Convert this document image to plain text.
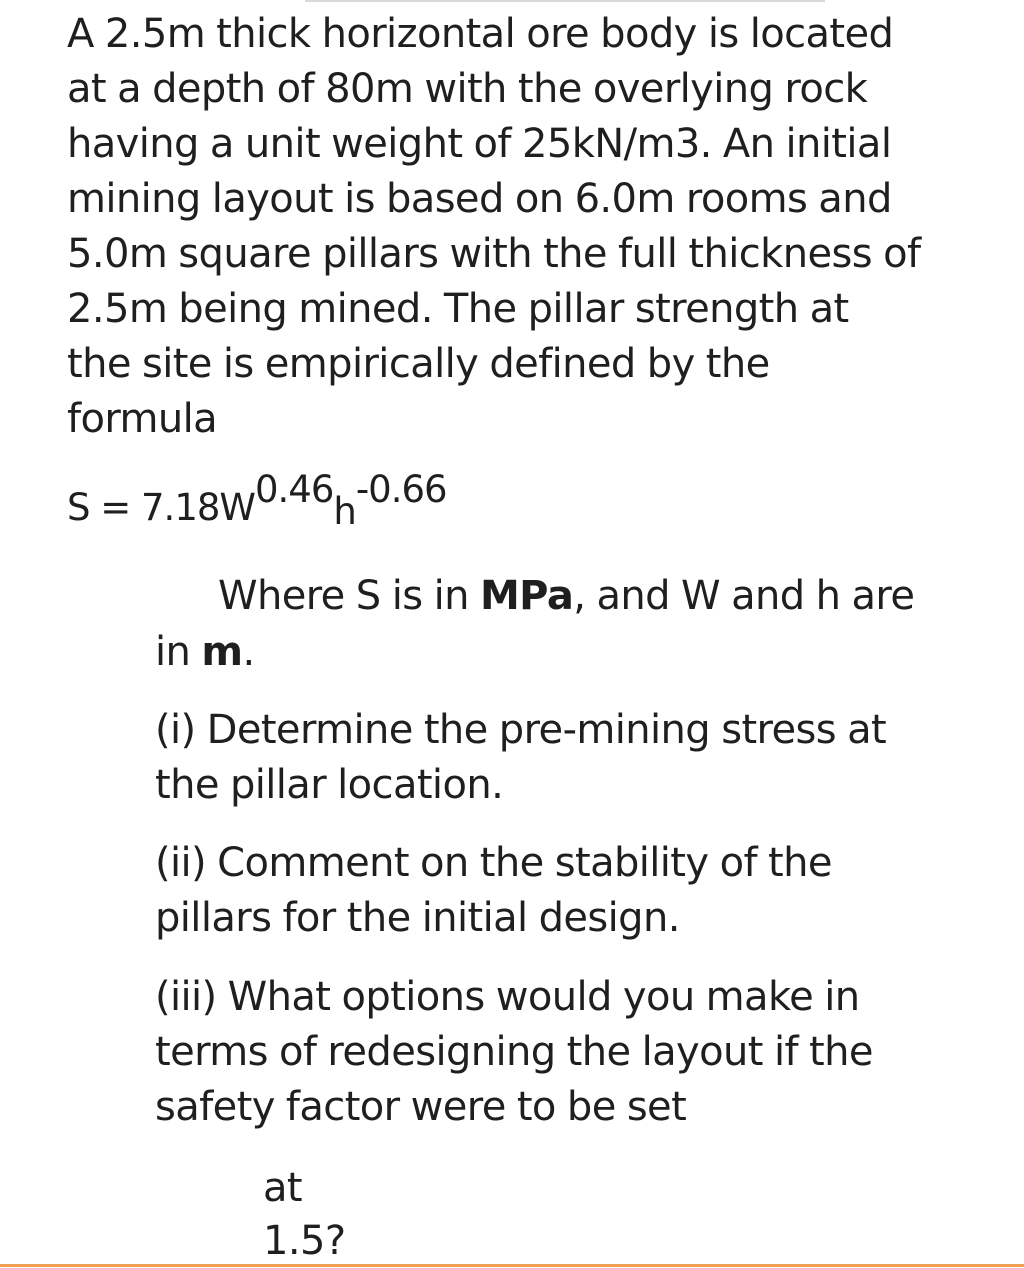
A 2.5m thick horizontal ore body is located
at a depth of 80m with the overlying rock
having a unit weight of 25kN/m3. An initial
mining layout is based on 6.0m rooms and
5.0m square pillars with the full thickness of
2.5m being mined. The pillar strength at
the site is empirically defined by the
formula
$S = 7.18W^{0.46}h^{-0.66}$
Where S is in MPa, and W and h are
in m.
(i) Determine the pre-mining stress at
the pillar location.
(ii) Comment on the stability of the
pillars for the initial design.
(iii) What options would you make in
terms of redesigning the layout if the
safety factor were to be set
at
1.5?
